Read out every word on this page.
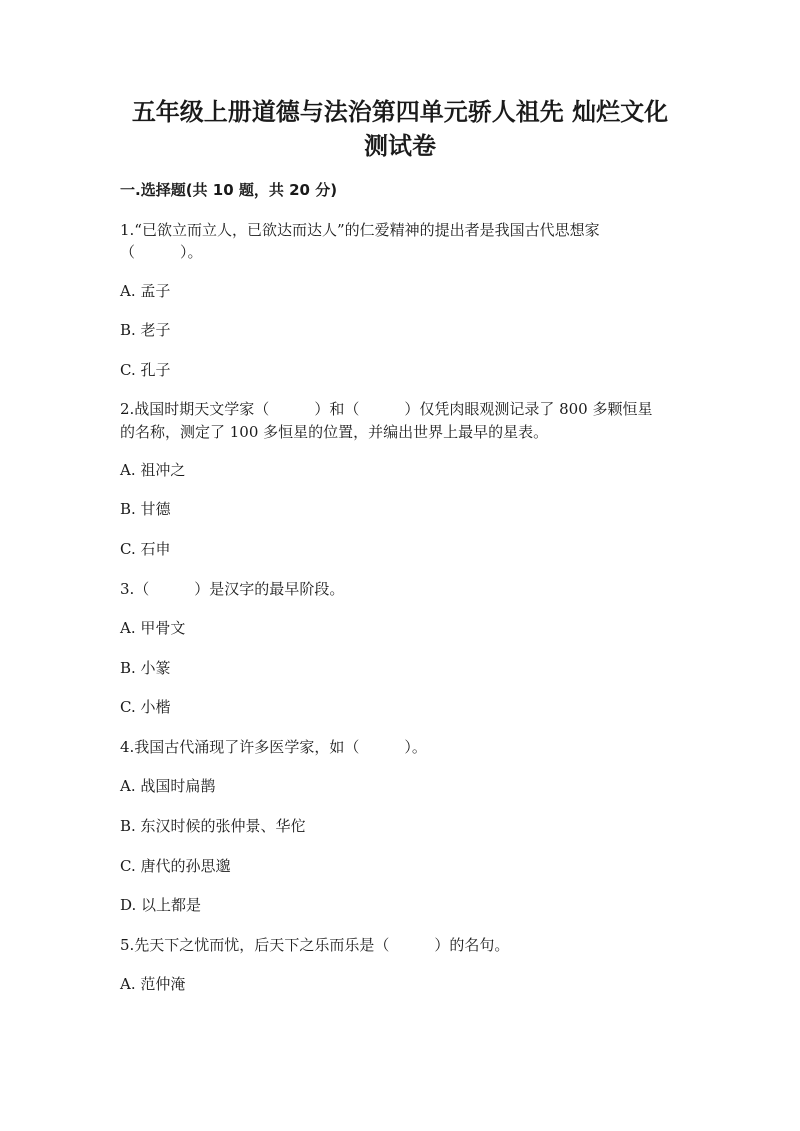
五年级上册道德与法治第四单元骄人祖先 灿烂文化
测试卷
一.选择题(共 10 题，共 20 分)

1.“已欲立而立人，已欲达而达人”的仁爱精神的提出者是我国古代思想家

（　　　）。

A. 孟子

B. 老子

C. 孔子

2.战国时期天文学家（　　　）和（　　　）仅凭肉眼观测记录了 800 多颗恒星

的名称，测定了 100 多恒星的位置，并编出世界上最早的星表。

A. 祖冲之

B. 甘德

C. 石申

3.（　　　）是汉字的最早阶段。

A. 甲骨文

B. 小篆

C. 小楷

4.我国古代涌现了许多医学家，如（　　　）。

A. 战国时扁鹊

B. 东汉时候的张仲景、华佗

C. 唐代的孙思邈

D. 以上都是

5.先天下之忧而忧，后天下之乐而乐是（　　　）的名句。

A. 范仲淹
